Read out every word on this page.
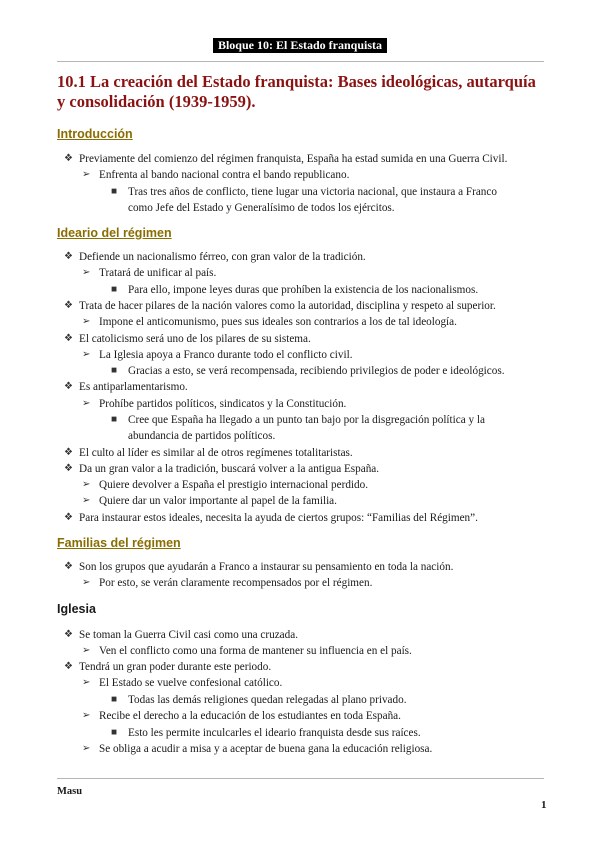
Bloque 10: El Estado franquista
10.1 La creación del Estado franquista: Bases ideológicas, autarquía y consolidación (1939-1959).
Introducción
❖ Previamente del comienzo del régimen franquista, España ha estad sumida en una Guerra Civil.
➢ Enfrenta al bando nacional contra el bando republicano.
■ Tras tres años de conflicto, tiene lugar una victoria nacional, que instaura a Franco
como Jefe del Estado y Generalísimo de todos los ejércitos.
Ideario del régimen
❖ Defiende un nacionalismo férreo, con gran valor de la tradición.
➢ Tratará de unificar al país.
■ Para ello, impone leyes duras que prohíben la existencia de los nacionalismos.
❖ Trata de hacer pilares de la nación valores como la autoridad, disciplina y respeto al superior.
➢ Impone el anticomunismo, pues sus ideales son contrarios a los de tal ideología.
❖ El catolicismo será uno de los pilares de su sistema.
➢ La Iglesia apoya a Franco durante todo el conflicto civil.
■ Gracias a esto, se verá recompensada, recibiendo privilegios de poder e ideológicos.
❖ Es antiparlamentarismo.
➢ Prohíbe partidos políticos, sindicatos y la Constitución.
■ Cree que España ha llegado a un punto tan bajo por la disgregación política y la
abundancia de partidos políticos.
❖ El culto al líder es similar al de otros regímenes totalitaristas.
❖ Da un gran valor a la tradición, buscará volver a la antigua España.
➢ Quiere devolver a España el prestigio internacional perdido.
➢ Quiere dar un valor importante al papel de la familia.
❖ Para instaurar estos ideales, necesita la ayuda de ciertos grupos: “Familias del Régimen”.
Familias del régimen
❖ Son los grupos que ayudarán a Franco a instaurar su pensamiento en toda la nación.
➢ Por esto, se verán claramente recompensados por el régimen.
Iglesia
❖ Se toman la Guerra Civil casi como una cruzada.
➢ Ven el conflicto como una forma de mantener su influencia en el país.
❖ Tendrá un gran poder durante este periodo.
➢ El Estado se vuelve confesional católico.
■ Todas las demás religiones quedan relegadas al plano privado.
➢ Recibe el derecho a la educación de los estudiantes en toda España.
■ Esto les permite inculcarles el ideario franquista desde sus raíces.
➢ Se obliga a acudir a misa y a aceptar de buena gana la educación religiosa.
Masu
1
